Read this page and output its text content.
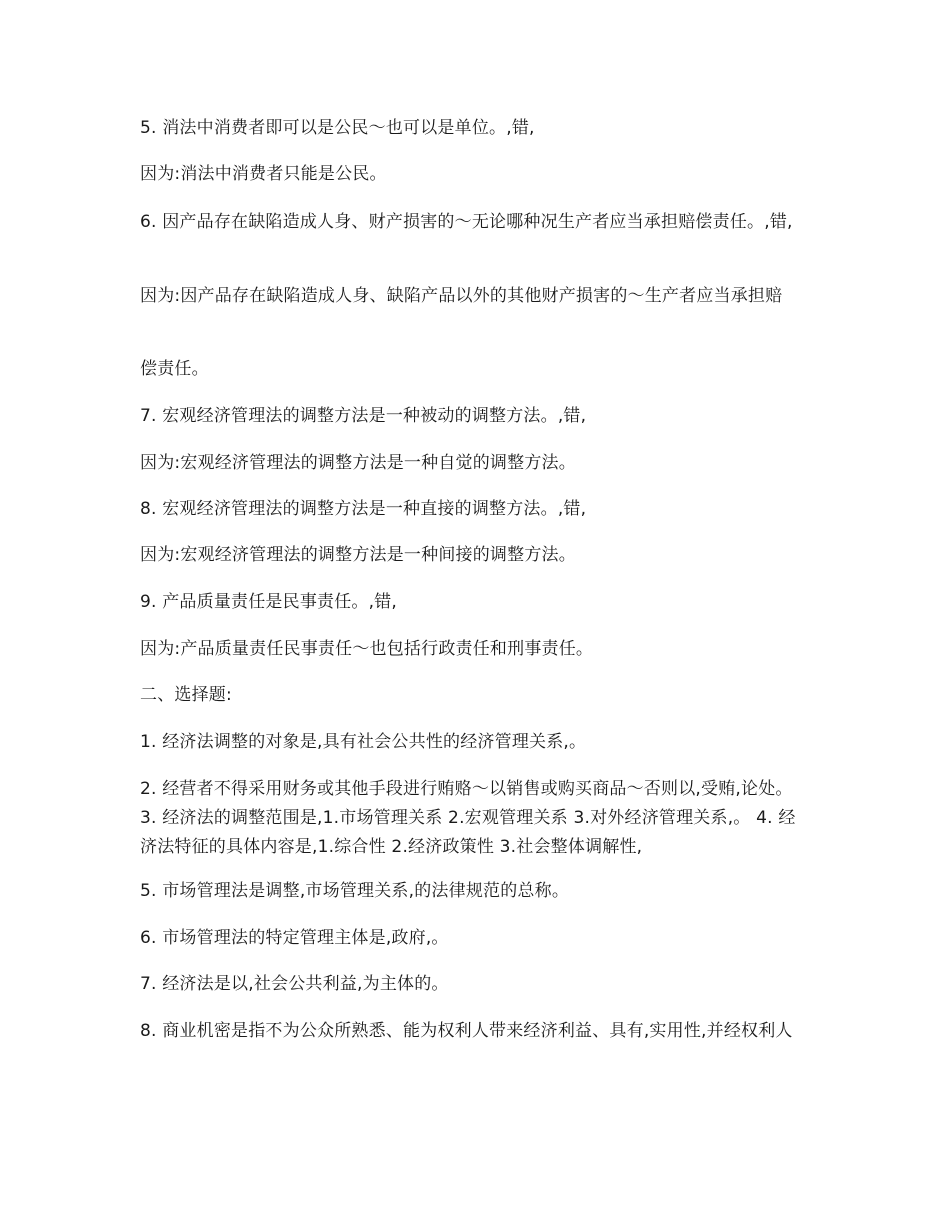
5. 消法中消费者即可以是公民～也可以是单位。,错,

因为:消法中消费者只能是公民。

6. 因产品存在缺陷造成人身、财产损害的～无论哪种况生产者应当承担赔偿责任。,错,

因为:因产品存在缺陷造成人身、缺陷产品以外的其他财产损害的～生产者应当承担赔

偿责任。

7. 宏观经济管理法的调整方法是一种被动的调整方法。,错,

因为:宏观经济管理法的调整方法是一种自觉的调整方法。

8. 宏观经济管理法的调整方法是一种直接的调整方法。,错,

因为:宏观经济管理法的调整方法是一种间接的调整方法。

9. 产品质量责任是民事责任。,错,

因为:产品质量责任民事责任～也包括行政责任和刑事责任。

二、选择题:

1. 经济法调整的对象是,具有社会公共性的经济管理关系,。

2. 经营者不得采用财务或其他手段进行贿赂～以销售或购买商品～否则以,受贿,论处。 3. 经济法的调整范围是,1.市场管理关系 2.宏观管理关系 3.对外经济管理关系,。 4. 经济法特征的具体内容是,1.综合性 2.经济政策性 3.社会整体调解性,

5. 市场管理法是调整,市场管理关系,的法律规范的总称。

6. 市场管理法的特定管理主体是,政府,。

7. 经济法是以,社会公共利益,为主体的。

8. 商业机密是指不为公众所熟悉、能为权利人带来经济利益、具有,实用性,并经权利人
